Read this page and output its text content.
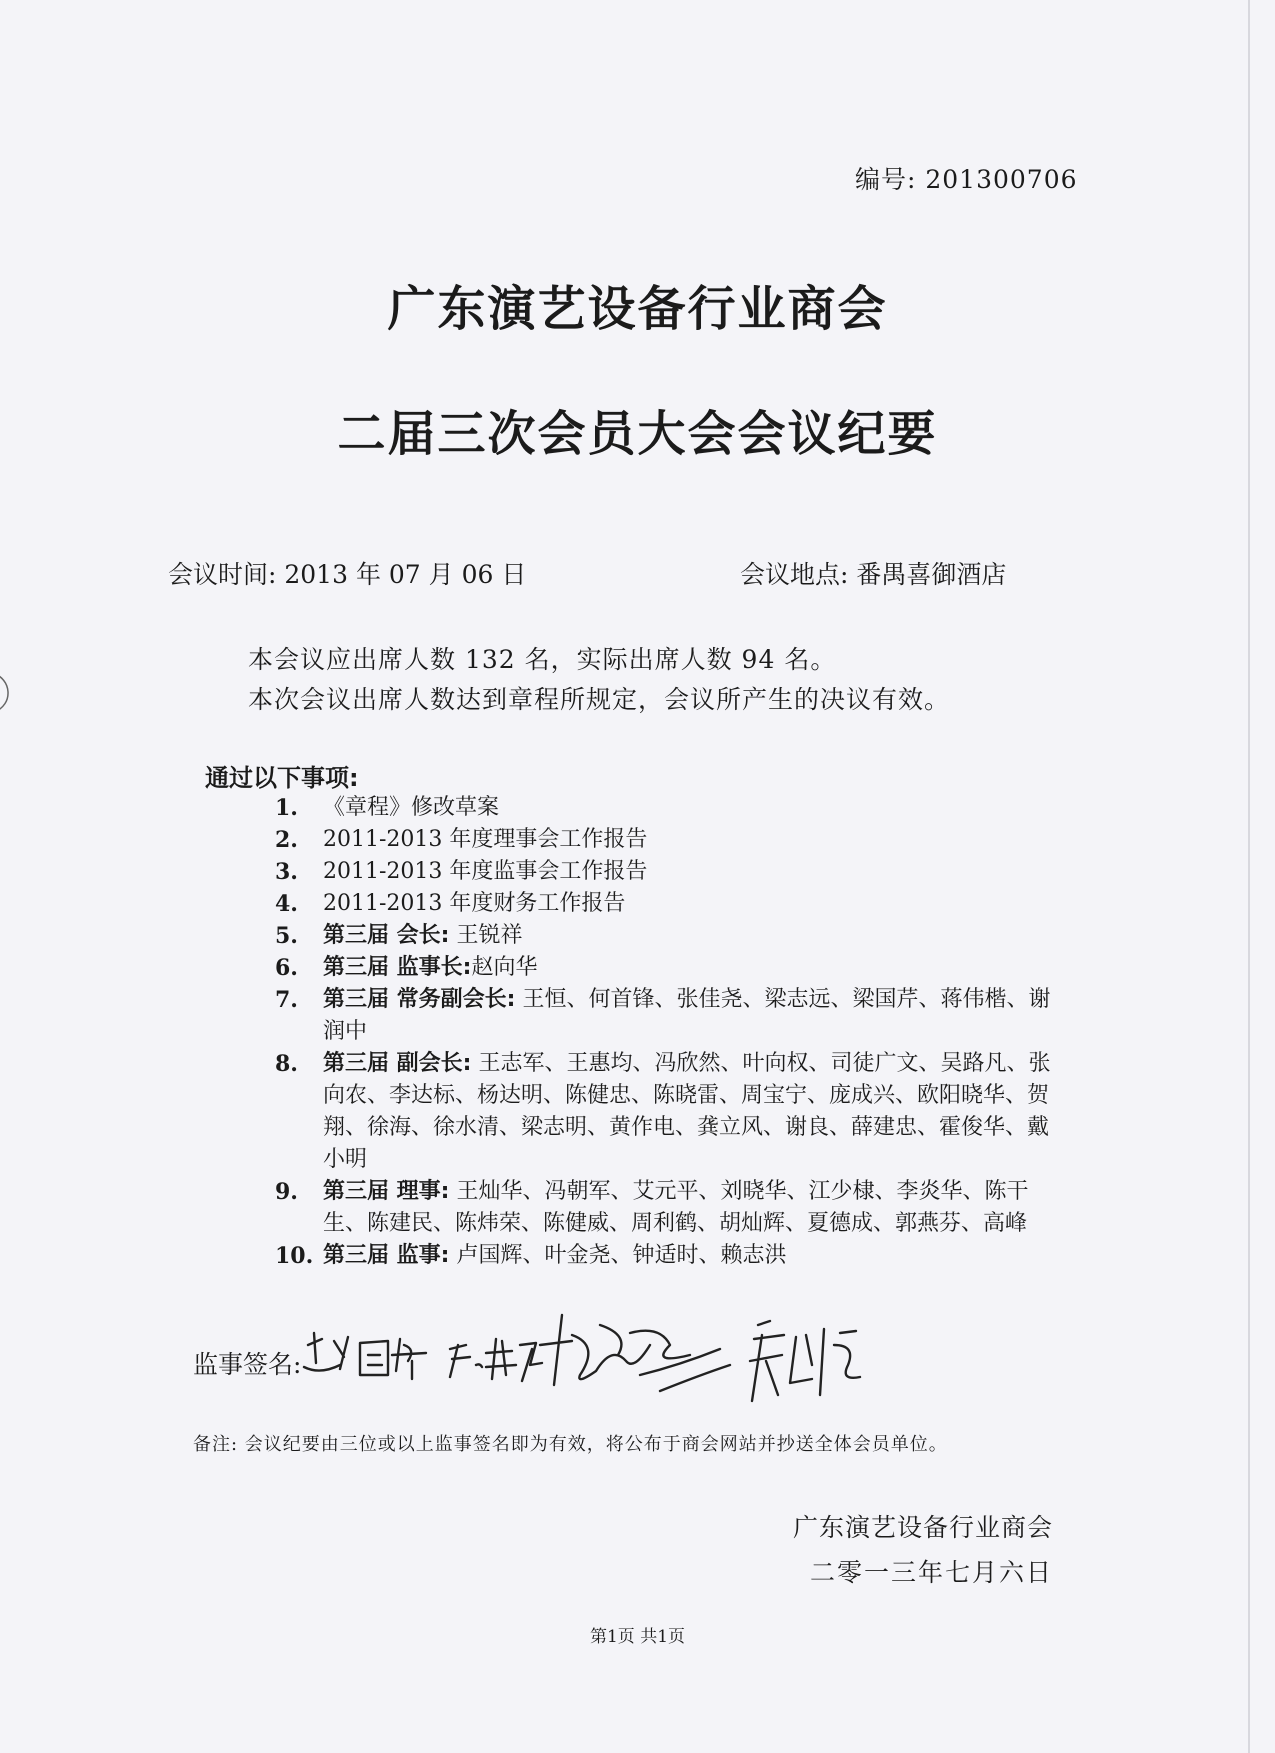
编号: 201300706
广东演艺设备行业商会
二届三次会员大会会议纪要
会议时间: 2013 年 07 月 06 日	会议地点: 番禺喜御酒店
本会议应出席人数 132 名，实际出席人数 94 名。
本次会议出席人数达到章程所规定，会议所产生的决议有效。
通过以下事项:
1.	《章程》修改草案
2.	2011-2013 年度理事会工作报告
3.	2011-2013 年度监事会工作报告
4.	2011-2013 年度财务工作报告
5.	第三届 会长: 王锐祥
6.	第三届 监事长:赵向华
7.	第三届 常务副会长: 王恒、何首锋、张佳尧、梁志远、梁国芹、蒋伟楷、谢润中
8.	第三届 副会长: 王志军、王惠均、冯欣然、叶向权、司徒广文、吴路凡、张向农、李达标、杨达明、陈健忠、陈晓雷、周宝宁、庞成兴、欧阳晓华、贺翔、徐海、徐水清、梁志明、黄作电、龚立风、谢良、薛建忠、霍俊华、戴小明
9.	第三届 理事: 王灿华、冯朝军、艾元平、刘晓华、江少棣、李炎华、陈干生、陈建民、陈炜荣、陈健威、周利鹤、胡灿辉、夏德成、郭燕芬、高峰
10. 第三届 监事: 卢国辉、叶金尧、钟适时、赖志洪
监事签名:
备注: 会议纪要由三位或以上监事签名即为有效，将公布于商会网站并抄送全体会员单位。
广东演艺设备行业商会
二零一三年七月六日
第1页 共1页
